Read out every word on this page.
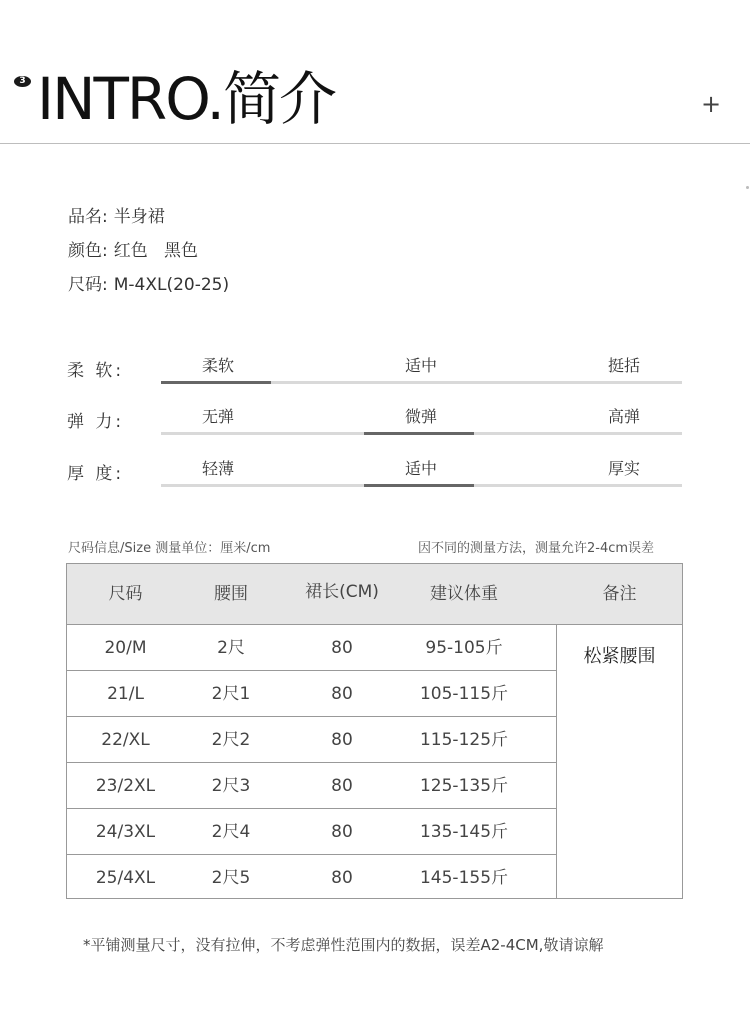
3 INTRO.简介	+
品名: 半身裙
颜色: 红色   黑色
尺码: M-4XL(20-25)
柔 软:	柔软	适中	挺括
弹 力:	无弹	微弹	高弹
厚 度:	轻薄	适中	厚实
尺码信息/Size 测量单位：厘米/cm	因不同的测量方法，测量允许2-4cm误差
尺码	腰围	裙长(CM)	建议体重	备注
20/M	2尺	80	95-105斤
21/L	2尺1	80	105-115斤
22/XL	2尺2	80	115-125斤
23/2XL	2尺3	80	125-135斤
24/3XL	2尺4	80	135-145斤
25/4XL	2尺5	80	145-155斤
松紧腰围
*平铺测量尺寸，没有拉伸，不考虑弹性范围内的数据，误差A2-4CM,敬请谅解
